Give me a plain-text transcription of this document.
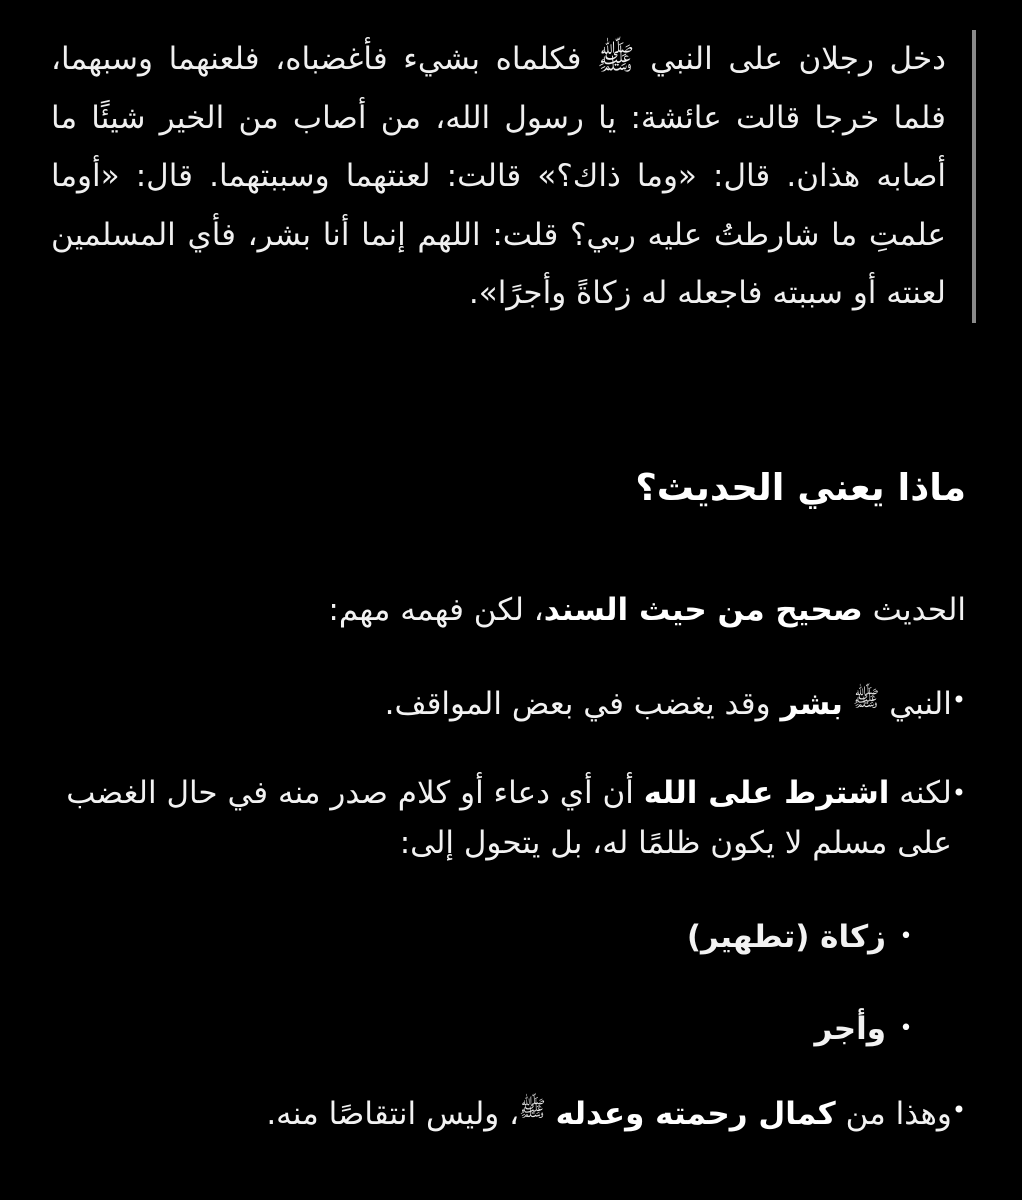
دخل رجلان على النبي ﷺ فكلماه بشيء فأغضباه، فلعنهما وسبهما، فلما خرجا قالت عائشة: يا رسول الله، من أصاب من الخير شيئًا ما أصابه هذان. قال: «وما ذاك؟» قالت: لعنتهما وسببتهما. قال: «أوما علمتِ ما شارطتُ عليه ربي؟ قلت: اللهم إنما أنا بشر، فأي المسلمين لعنته أو سببته فاجعله له زكاةً وأجرًا».

ماذا يعني الحديث؟

الحديث صحيح من حيث السند، لكن فهمه مهم:

•
النبي $^ﷺ$ بشر وقد يغضب في بعض المواقف.
•
لكنه اشترط على الله أن أي دعاء أو كلام صدر منه في حال الغضب على مسلم لا يكون ظلمًا له، بل يتحول إلى:
•
زكاة (تطهير)
•
وأجر
•
وهذا من كمال رحمته وعدله $^ﷺ$، وليس انتقاصًا منه.
